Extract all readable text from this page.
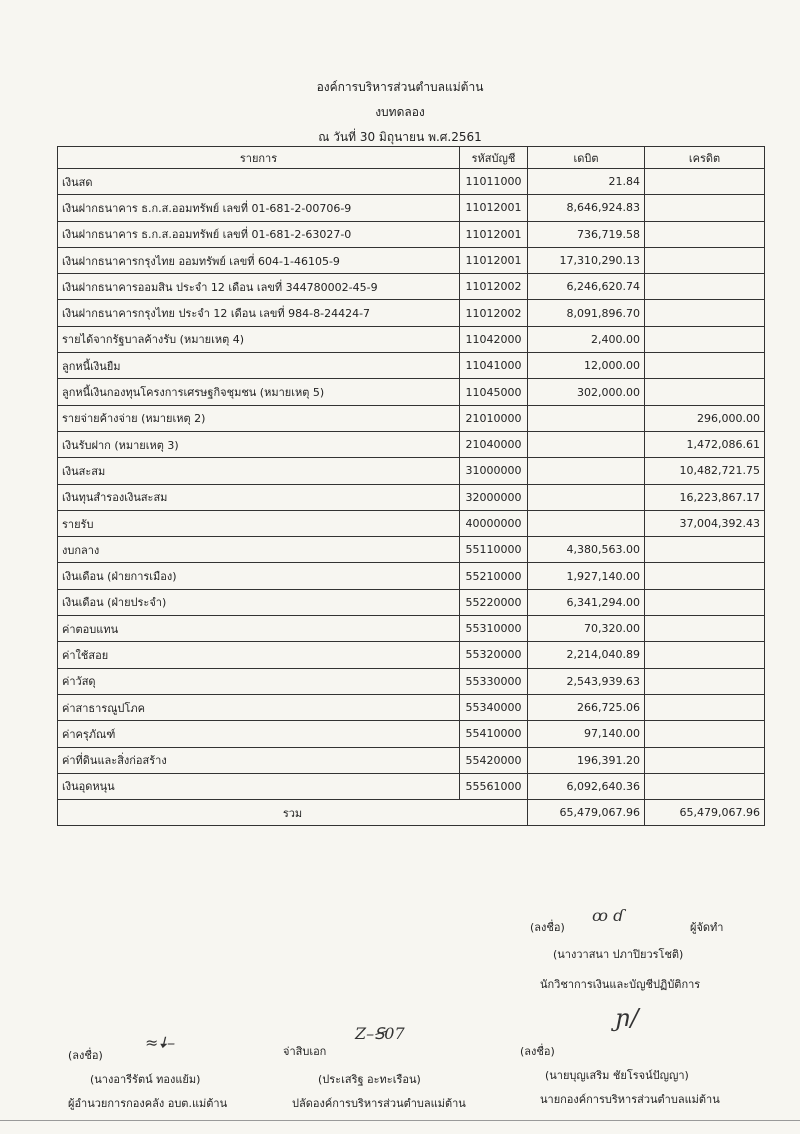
องค์การบริหารส่วนตำบลแม่ต้าน
งบทดลอง
ณ วันที่ 30 มิถุนายน พ.ศ.2561
รายการ	รหัสบัญชี	เดบิต	เครดิต
เงินสด	11011000	21.84	
เงินฝากธนาคาร ธ.ก.ส.ออมทรัพย์ เลขที่ 01-681-2-00706-9	11012001	8,646,924.83	
เงินฝากธนาคาร ธ.ก.ส.ออมทรัพย์ เลขที่ 01-681-2-63027-0	11012001	736,719.58	
เงินฝากธนาคารกรุงไทย ออมทรัพย์ เลขที่ 604-1-46105-9	11012001	17,310,290.13	
เงินฝากธนาคารออมสิน ประจำ 12 เดือน เลขที่ 344780002-45-9	11012002	6,246,620.74	
เงินฝากธนาคารกรุงไทย ประจำ 12 เดือน เลขที่ 984-8-24424-7	11012002	8,091,896.70	
รายได้จากรัฐบาลค้างรับ (หมายเหตุ 4)	11042000	2,400.00	
ลูกหนี้เงินยืม	11041000	12,000.00	
ลูกหนี้เงินกองทุนโครงการเศรษฐกิจชุมชน (หมายเหตุ 5)	11045000	302,000.00	
รายจ่ายค้างจ่าย (หมายเหตุ 2)	21010000		296,000.00
เงินรับฝาก (หมายเหตุ 3)	21040000		1,472,086.61
เงินสะสม	31000000		10,482,721.75
เงินทุนสำรองเงินสะสม	32000000		16,223,867.17
รายรับ	40000000		37,004,392.43
งบกลาง	55110000	4,380,563.00	
เงินเดือน (ฝ่ายการเมือง)	55210000	1,927,140.00	
เงินเดือน (ฝ่ายประจำ)	55220000	6,341,294.00	
ค่าตอบแทน	55310000	70,320.00	
ค่าใช้สอย	55320000	2,214,040.89	
ค่าวัสดุ	55330000	2,543,939.63	
ค่าสาธารณูปโภค	55340000	266,725.06	
ค่าครุภัณฑ์	55410000	97,140.00	
ค่าที่ดินและสิ่งก่อสร้าง	55420000	196,391.20	
เงินอุดหนุน	55561000	6,092,640.36	
รวม		65,479,067.96	65,479,067.96
(ลงชื่อ)
ꝏ ɗ
ผู้จัดทำ
(นางวาสนา ปภาปิยวรโชติ)
นักวิชาการเงินและบัญชีปฏิบัติการ
(ลงชื่อ)
≈🠇–
(นางอารีรัตน์ ทองแย้ม)
ผู้อำนวยการกองคลัง อบต.แม่ต้าน
จ่าสิบเอก
Z–Ꞩ07
(ประเสริฐ อะทะเรือน)
ปลัดองค์การบริหารส่วนตำบลแม่ต้าน
(ลงชื่อ)
ɲ/
(นายบุญเสริม ชัยโรจน์ปัญญา)
นายกองค์การบริหารส่วนตำบลแม่ต้าน
